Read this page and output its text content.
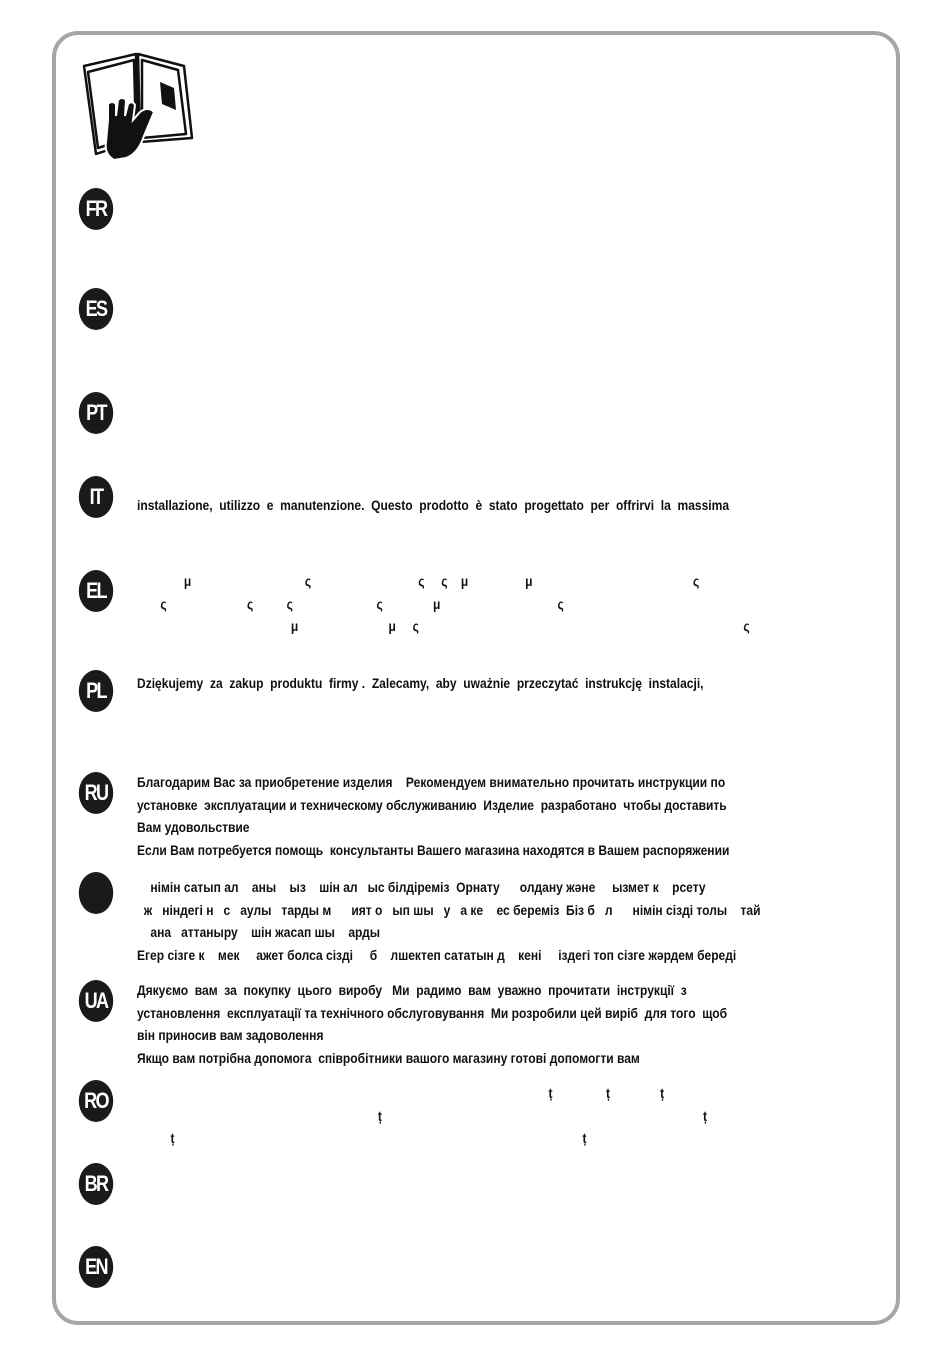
FR
ES
PT
IT	installazione,  utilizzo  e  manutenzione.  Questo  prodotto  è  stato  progettato  per  offrirvi  la  massima
EL	μ                                  ς                                ς     ς    μ                 μ                                                ς
ς                        ς          ς                         ς               μ                                   ς
μ                           μ     ς                                                                                                 ς
PL	Dziękujemy  za  zakup  produktu  firmy .  Zalecamy,  aby  uważnie  przeczytać  instrukcję  instalacji,
RU	Благодарим Вас за приобретение изделия    Рекомендуем внимательно прочитать инструкции по
установке  эксплуатации и техническому обслуживанию  Изделие  разработано  чтобы доставить
Вам удовольствие
Если Вам потребуется помощь  консультанты Вашего магазина находятся в Вашем распоряжении
німін сатып ал    аны    ыз    шін ал   ыс білдіреміз  Орнату      олдану және     ызмет к    рсету
ж   ніндегі н   с   аулы   тарды м      ият о   ып шы   у   а ке    ес береміз  Біз б   л      німін сізді толы    тай
ана   аттаныру    шін жасап шы    арды
Егер сізге к    мек     ажет болса сізді     б    лшектеп сататын д    кені     іздегі топ сізге жәрдем береді
UA	Дякуємо  вам  за  покупку  цього  виробу   Ми  радимо  вам  уважно  прочитати  інструкції  з
установлення  експлуатації та технічного обслуговування  Ми розробили цей виріб  для того  щоб
він приносив вам задоволення
Якщо вам потрібна допомога  співробітники вашого магазину готові допомогти вам
RO	ț                ț               ț
ț                                                                                                ț
ț                                                                                                                          ț
BR
EN
